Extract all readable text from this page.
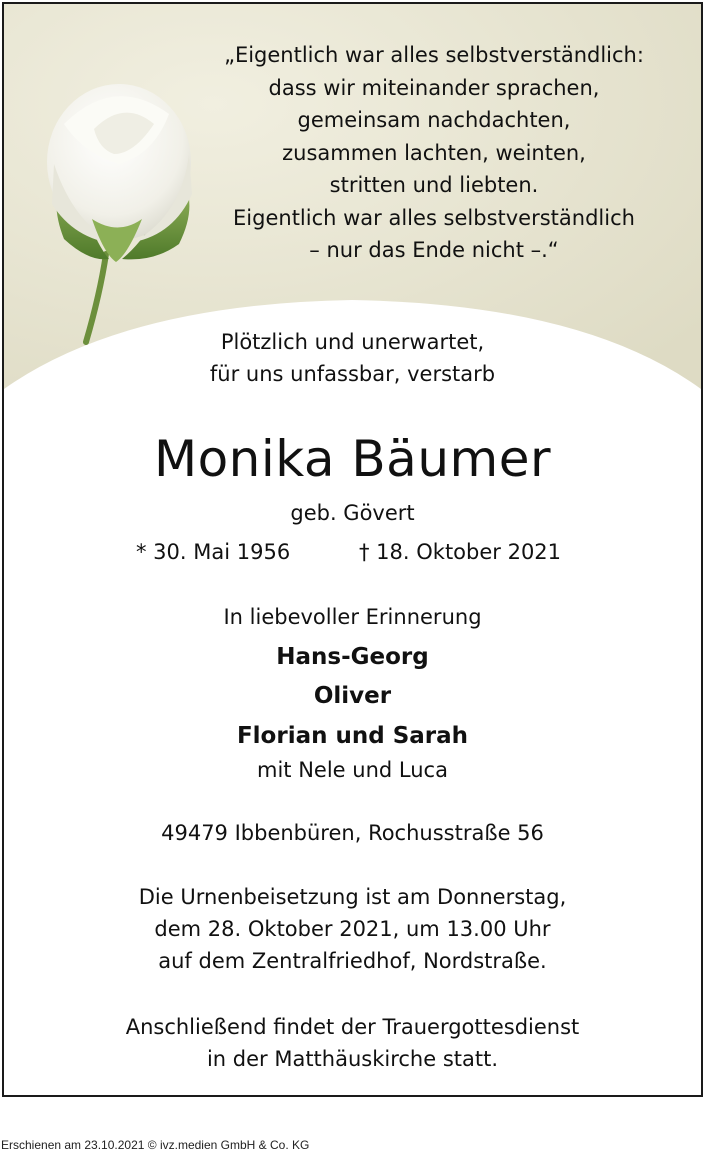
„Eigentlich war alles selbstverständlich:
dass wir miteinander sprachen,
gemeinsam nachdachten,
zusammen lachten, weinten,
stritten und liebten.
Eigentlich war alles selbstverständlich
– nur das Ende nicht –.“
Plötzlich und unerwartet,
für uns unfassbar, verstarb
Monika Bäumer
geb. Gövert
* 30. Mai 1956	† 18. Oktober 2021
In liebevoller Erinnerung
Hans-Georg
Oliver
Florian und Sarah
mit Nele und Luca
49479 Ibbenbüren, Rochusstraße 56
Die Urnenbeisetzung ist am Donnerstag,
dem 28. Oktober 2021, um 13.00 Uhr
auf dem Zentralfriedhof, Nordstraße.
Anschließend findet der Trauergottesdienst
in der Matthäuskirche statt.
Erschienen am 23.10.2021 © ivz.medien GmbH & Co. KG
